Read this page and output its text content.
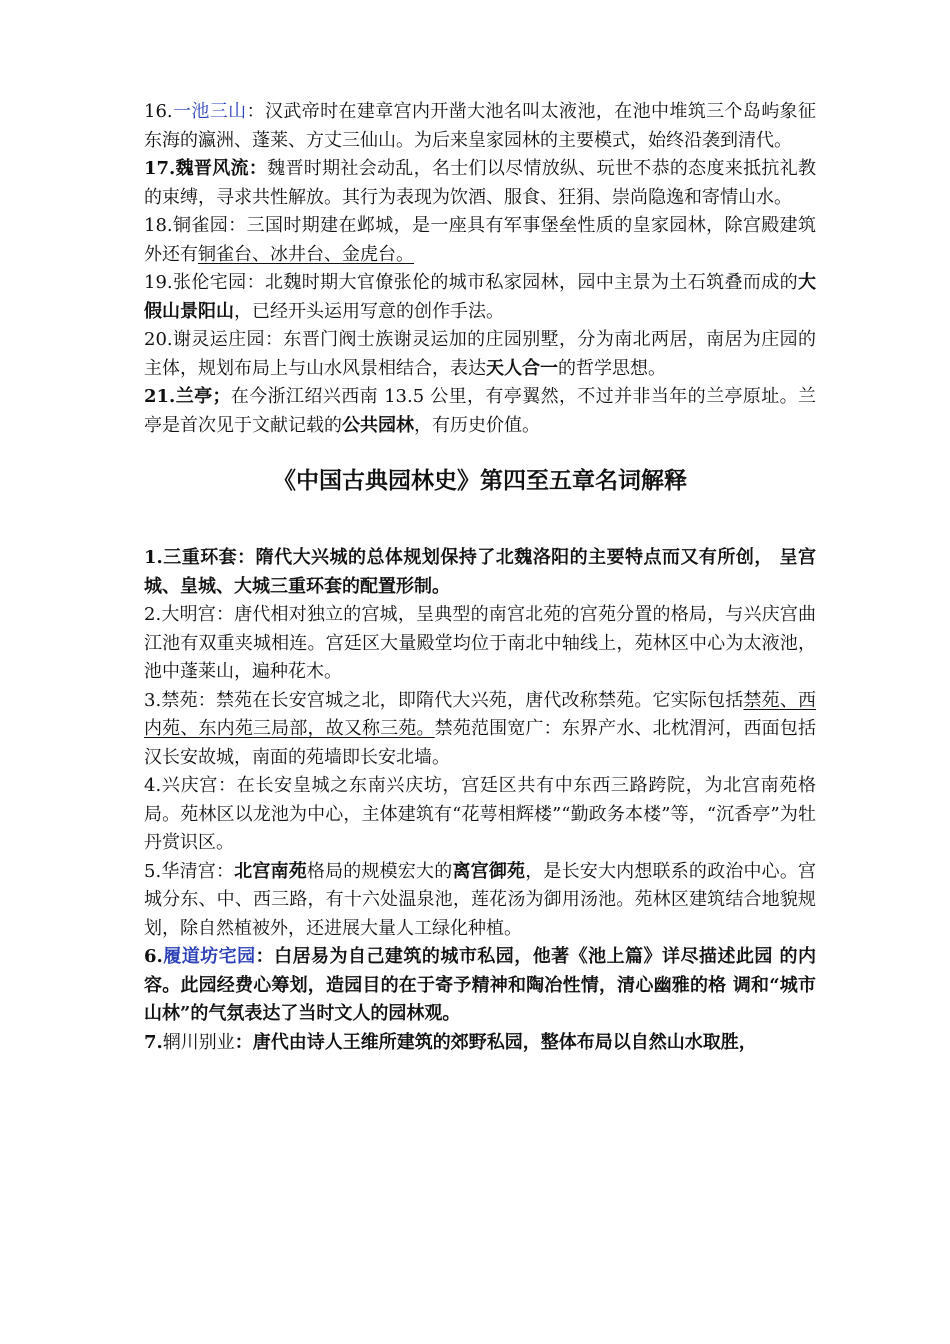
16.一池三山：汉武帝时在建章宫内开凿大池名叫太液池，在池中堆筑三个岛屿象征东海的瀛洲、蓬莱、方丈三仙山。为后来皇家园林的主要模式，始终沿袭到清代。

17.魏晋风流：魏晋时期社会动乱，名士们以尽情放纵、玩世不恭的态度来抵抗礼教的束缚，寻求共性解放。其行为表现为饮酒、服食、狂狷、崇尚隐逸和寄情山水。

18.铜雀园：三国时期建在邺城，是一座具有军事堡垒性质的皇家园林，除宫殿建筑外还有铜雀台、冰井台、金虎台。

19.张伦宅园：北魏时期大官僚张伦的城市私家园林，园中主景为土石筑叠而成的大假山景阳山，已经开头运用写意的创作手法。

20.谢灵运庄园：东晋门阀士族谢灵运加的庄园别墅，分为南北两居，南居为庄园的主体，规划布局上与山水风景相结合，表达天人合一的哲学思想。

21.兰亭；在今浙江绍兴西南 13.5 公里，有亭翼然，不过并非当年的兰亭原址。兰亭是首次见于文献记载的公共园林，有历史价值。

《中国古典园林史》第四至五章名词解释

1.三重环套：隋代大兴城的总体规划保持了北魏洛阳的主要特点而又有所创， 呈宫城、皇城、大城三重环套的配置形制。

2.大明宫：唐代相对独立的宫城，呈典型的南宫北苑的宫苑分置的格局，与兴庆宫曲江池有双重夹城相连。宫廷区大量殿堂均位于南北中轴线上，苑林区中心为太液池，池中蓬莱山，遍种花木。

3.禁苑：禁苑在长安宫城之北，即隋代大兴苑，唐代改称禁苑。它实际包括禁苑、西内苑、东内苑三局部，故又称三苑。禁苑范围宽广：东界产水、北枕渭河，西面包括汉长安故城，南面的苑墙即长安北墙。

4.兴庆宫：在长安皇城之东南兴庆坊，宫廷区共有中东西三路跨院，为北宫南苑格局。苑林区以龙池为中心，主体建筑有“花萼相辉楼”“勤政务本楼”等，“沉香亭”为牡丹赏识区。

5.华清宫：北宫南苑格局的规模宏大的离宫御苑，是长安大内想联系的政治中心。宫城分东、中、西三路，有十六处温泉池，莲花汤为御用汤池。苑林区建筑结合地貌规划，除自然植被外，还进展大量人工绿化种植。

6.履道坊宅园：白居易为自己建筑的城市私园，他著《池上篇》详尽描述此园 的内容。此园经费心筹划，造园目的在于寄予精神和陶冶性情，清心幽雅的格 调和“城市山林”的气氛表达了当时文人的园林观。

7.辋川别业：唐代由诗人王维所建筑的郊野私园，整体布局以自然山水取胜，
